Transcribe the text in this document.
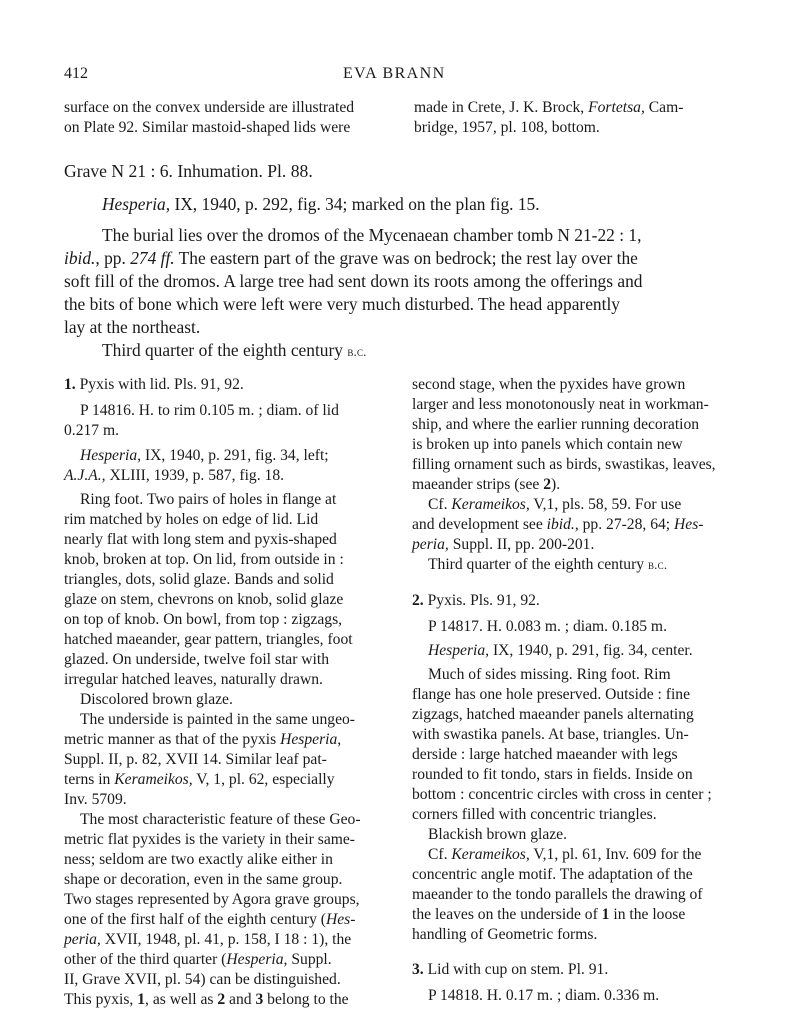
412	EVA BRANN
surface on the convex underside are illustrated
on Plate 92. Similar mastoid-shaped lids were
made in Crete, J. K. Brock, Fortetsa, Cam-
bridge, 1957, pl. 108, bottom.
Grave N 21 : 6. Inhumation. Pl. 88.
Hesperia, IX, 1940, p. 292, fig. 34; marked on the plan fig. 15.
The burial lies over the dromos of the Mycenaean chamber tomb N 21-22 : 1,
ibid., pp. 274 ff. The eastern part of the grave was on bedrock; the rest lay over the
soft fill of the dromos. A large tree had sent down its roots among the offerings and
the bits of bone which were left were very much disturbed. The head apparently
lay at the northeast.
Third quarter of the eighth century b.c.
1. Pyxis with lid. Pls. 91, 92.
P 14816. H. to rim 0.105 m. ; diam. of lid
0.217 m.
Hesperia, IX, 1940, p. 291, fig. 34, left;
A.J.A., XLIII, 1939, p. 587, fig. 18.
Ring foot. Two pairs of holes in flange at
rim matched by holes on edge of lid. Lid
nearly flat with long stem and pyxis-shaped
knob, broken at top. On lid, from outside in :
triangles, dots, solid glaze. Bands and solid
glaze on stem, chevrons on knob, solid glaze
on top of knob. On bowl, from top : zigzags,
hatched maeander, gear pattern, triangles, foot
glazed. On underside, twelve foil star with
irregular hatched leaves, naturally drawn.
Discolored brown glaze.
The underside is painted in the same ungeo-
metric manner as that of the pyxis Hesperia,
Suppl. II, p. 82, XVII 14. Similar leaf pat-
terns in Kerameikos, V, 1, pl. 62, especially
Inv. 5709.
The most characteristic feature of these Geo-
metric flat pyxides is the variety in their same-
ness; seldom are two exactly alike either in
shape or decoration, even in the same group.
Two stages represented by Agora grave groups,
one of the first half of the eighth century (Hes-
peria, XVII, 1948, pl. 41, p. 158, I 18 : 1), the
other of the third quarter (Hesperia, Suppl.
II, Grave XVII, pl. 54) can be distinguished.
This pyxis, 1, as well as 2 and 3 belong to the
second stage, when the pyxides have grown
larger and less monotonously neat in workman-
ship, and where the earlier running decoration
is broken up into panels which contain new
filling ornament such as birds, swastikas, leaves,
maeander strips (see 2).
Cf. Kerameikos, V,1, pls. 58, 59. For use
and development see ibid., pp. 27-28, 64; Hes-
peria, Suppl. II, pp. 200-201.
Third quarter of the eighth century b.c.
2. Pyxis. Pls. 91, 92.
P 14817. H. 0.083 m. ; diam. 0.185 m.
Hesperia, IX, 1940, p. 291, fig. 34, center.
Much of sides missing. Ring foot. Rim
flange has one hole preserved. Outside : fine
zigzags, hatched maeander panels alternating
with swastika panels. At base, triangles. Un-
derside : large hatched maeander with legs
rounded to fit tondo, stars in fields. Inside on
bottom : concentric circles with cross in center ;
corners filled with concentric triangles.
Blackish brown glaze.
Cf. Kerameikos, V,1, pl. 61, Inv. 609 for the
concentric angle motif. The adaptation of the
maeander to the tondo parallels the drawing of
the leaves on the underside of 1 in the loose
handling of Geometric forms.
3. Lid with cup on stem. Pl. 91.
P 14818. H. 0.17 m. ; diam. 0.336 m.
